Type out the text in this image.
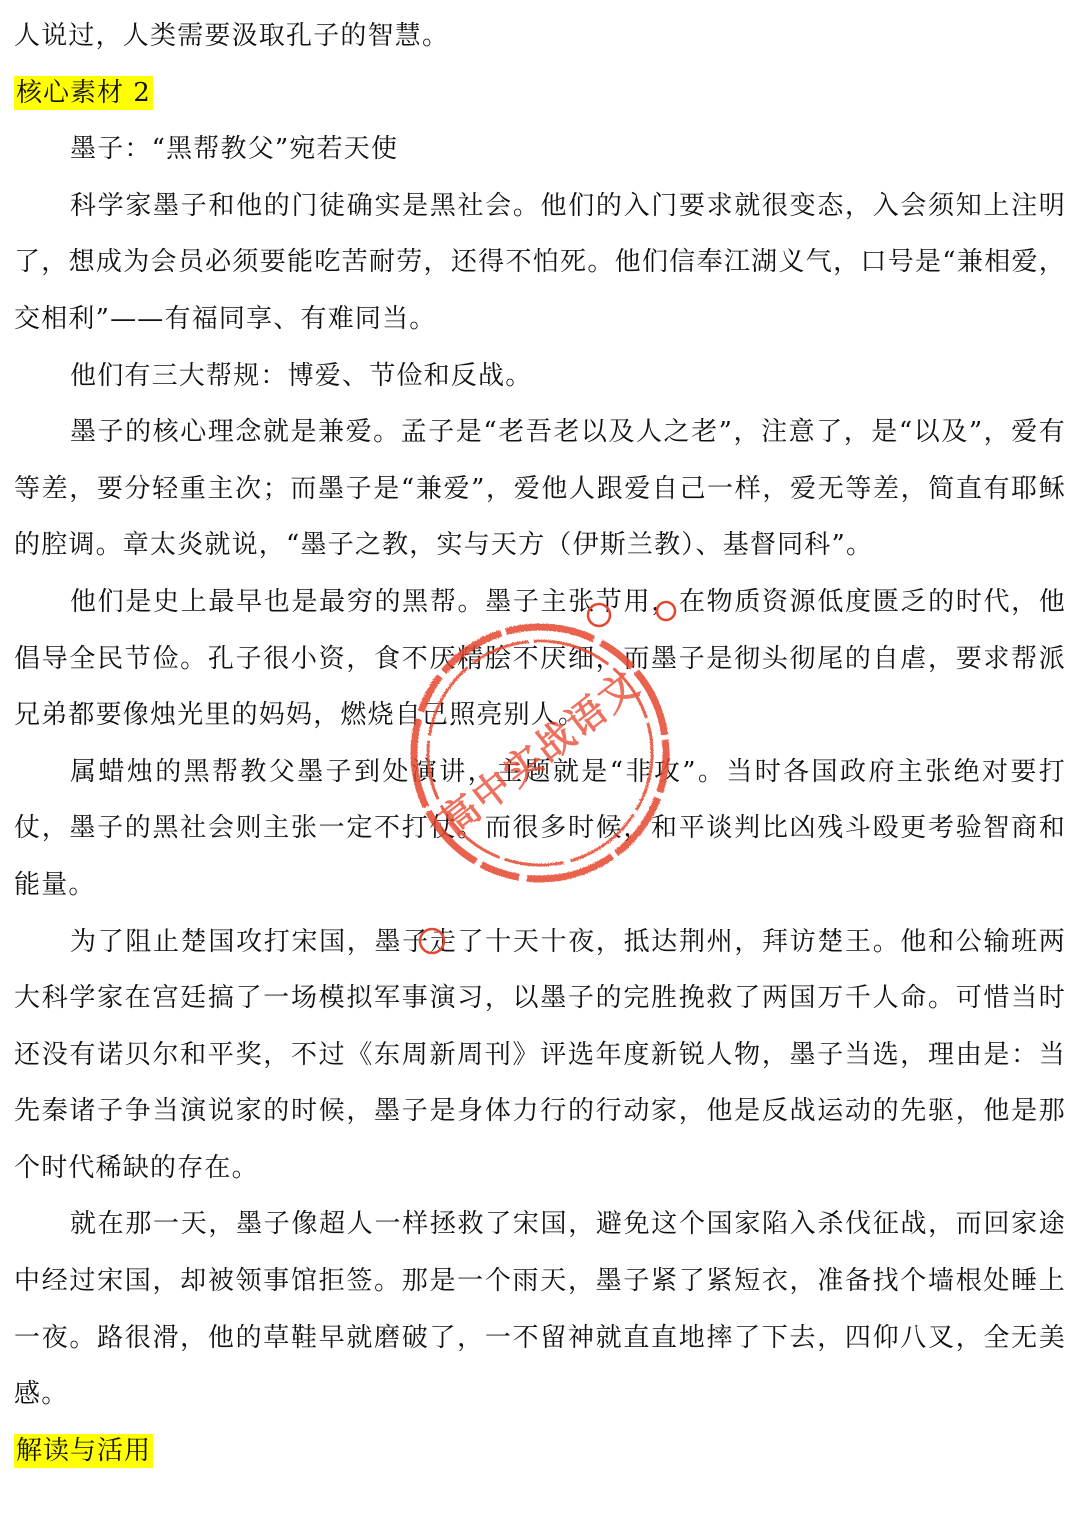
人说过，人类需要汲取孔子的智慧。

核心素材 2

墨子：“黑帮教父”宛若天使

科学家墨子和他的门徒确实是黑社会。他们的入门要求就很变态，入会须知上注明了，想成为会员必须要能吃苦耐劳，还得不怕死。他们信奉江湖义气，口号是“兼相爱，交相利”——有福同享、有难同当。

他们有三大帮规：博爱、节俭和反战。

墨子的核心理念就是兼爱。孟子是“老吾老以及人之老”，注意了，是“以及”，爱有等差，要分轻重主次；而墨子是“兼爱”，爱他人跟爱自己一样，爱无等差，简直有耶稣的腔调。章太炎就说，“墨子之教，实与天方（伊斯兰教）、基督同科”。

他们是史上最早也是最穷的黑帮。墨子主张节用，在物质资源低度匮乏的时代，他倡导全民节俭。孔子很小资，食不厌精脍不厌细，而墨子是彻头彻尾的自虐，要求帮派兄弟都要像烛光里的妈妈，燃烧自己照亮别人。

属蜡烛的黑帮教父墨子到处演讲，主题就是“非攻”。当时各国政府主张绝对要打仗，墨子的黑社会则主张一定不打仗。而很多时候，和平谈判比凶残斗殴更考验智商和能量。

为了阻止楚国攻打宋国，墨子走了十天十夜，抵达荆州，拜访楚王。他和公输班两大科学家在宫廷搞了一场模拟军事演习，以墨子的完胜挽救了两国万千人命。可惜当时还没有诺贝尔和平奖，不过《东周新周刊》评选年度新锐人物，墨子当选，理由是：当先秦诸子争当演说家的时候，墨子是身体力行的行动家，他是反战运动的先驱，他是那个时代稀缺的存在。

就在那一天，墨子像超人一样拯救了宋国，避免这个国家陷入杀伐征战，而回家途中经过宋国，却被领事馆拒签。那是一个雨天，墨子紧了紧短衣，准备找个墙根处睡上一夜。路很滑，他的草鞋早就磨破了，一不留神就直直地摔了下去，四仰八叉，全无美感。

解读与活用

高中实战语文
